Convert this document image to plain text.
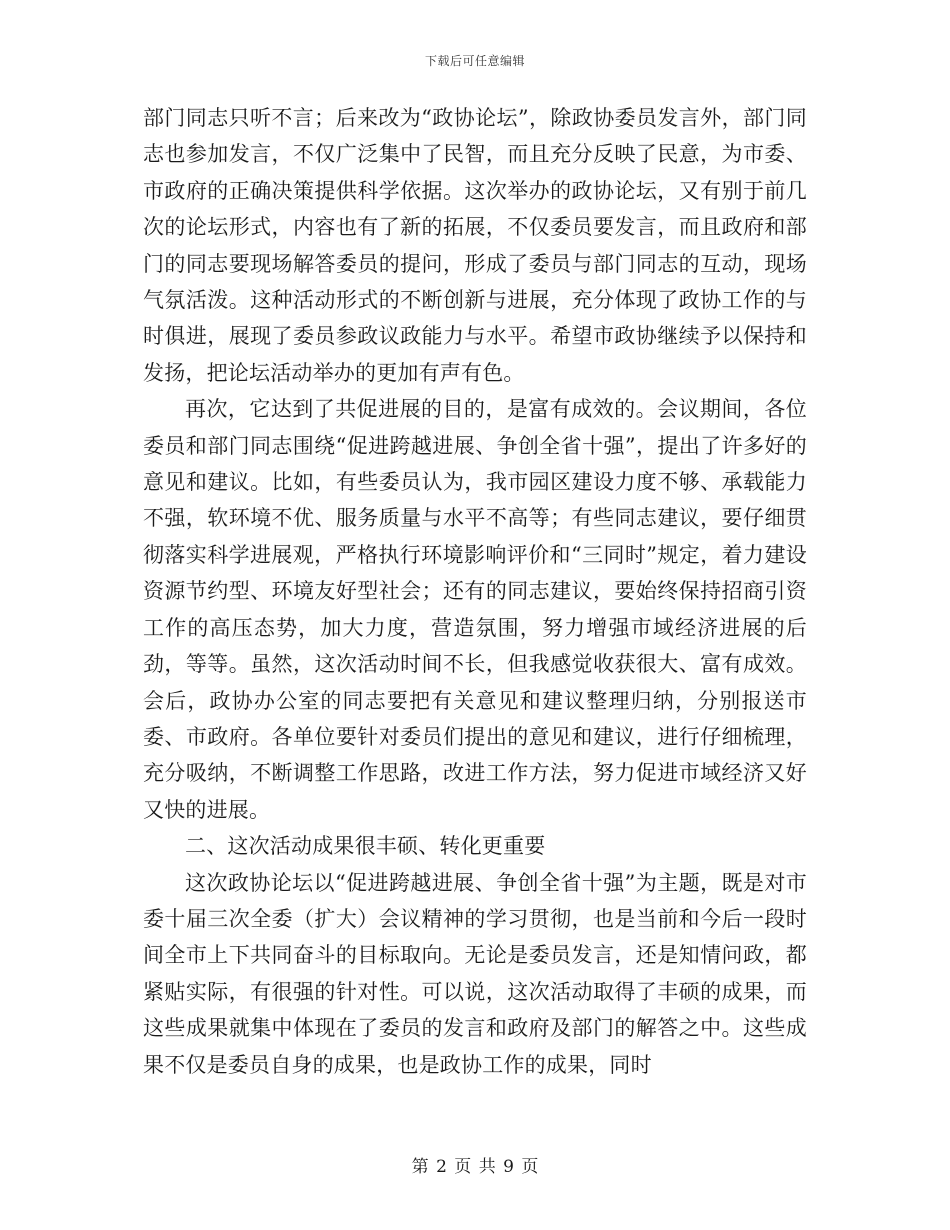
下载后可任意编辑

部门同志只听不言；后来改为“政协论坛”，除政协委员发言外，部门同志也参加发言，不仅广泛集中了民智，而且充分反映了民意，为市委、市政府的正确决策提供科学依据。这次举办的政协论坛，又有别于前几次的论坛形式，内容也有了新的拓展，不仅委员要发言，而且政府和部门的同志要现场解答委员的提问，形成了委员与部门同志的互动，现场气氛活泼。这种活动形式的不断创新与进展，充分体现了政协工作的与时俱进，展现了委员参政议政能力与水平。希望市政协继续予以保持和发扬，把论坛活动举办的更加有声有色。

再次，它达到了共促进展的目的，是富有成效的。会议期间，各位委员和部门同志围绕“促进跨越进展、争创全省十强”，提出了许多好的意见和建议。比如，有些委员认为，我市园区建设力度不够、承载能力不强，软环境不优、服务质量与水平不高等；有些同志建议，要仔细贯彻落实科学进展观，严格执行环境影响评价和“三同时”规定，着力建设资源节约型、环境友好型社会；还有的同志建议，要始终保持招商引资工作的高压态势，加大力度，营造氛围，努力增强市域经济进展的后劲，等等。虽然，这次活动时间不长，但我感觉收获很大、富有成效。会后，政协办公室的同志要把有关意见和建议整理归纳，分别报送市委、市政府。各单位要针对委员们提出的意见和建议，进行仔细梳理，充分吸纳，不断调整工作思路，改进工作方法，努力促进市域经济又好又快的进展。

二、这次活动成果很丰硕、转化更重要

这次政协论坛以“促进跨越进展、争创全省十强”为主题，既是对市委十届三次全委（扩大）会议精神的学习贯彻，也是当前和今后一段时间全市上下共同奋斗的目标取向。无论是委员发言，还是知情问政，都紧贴实际，有很强的针对性。可以说，这次活动取得了丰硕的成果，而这些成果就集中体现在了委员的发言和政府及部门的解答之中。这些成果不仅是委员自身的成果，也是政协工作的成果，同时

第 2 页 共 9 页
